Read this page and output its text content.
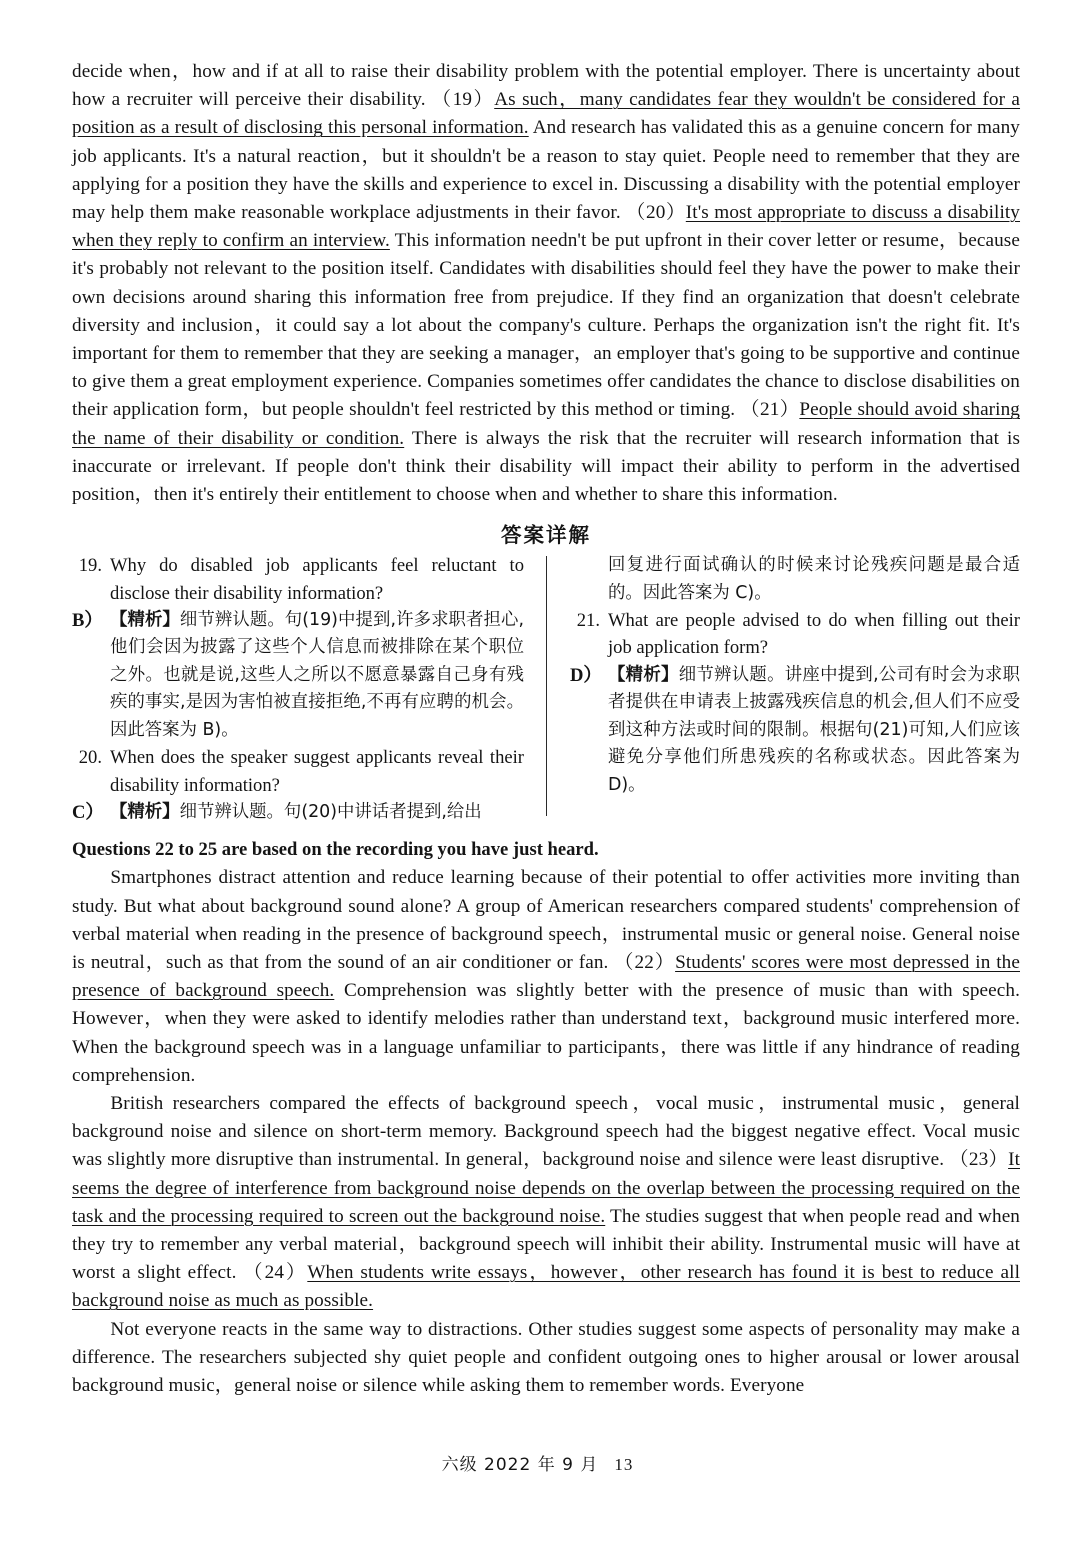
decide when，how and if at all to raise their disability problem with the potential employer. There is uncertainty about how a recruiter will perceive their disability. （19）As such，many candidates fear they wouldn't be considered for a position as a result of disclosing this personal information. And research has validated this as a genuine concern for many job applicants. It's a natural reaction，but it shouldn't be a reason to stay quiet. People need to remember that they are applying for a position they have the skills and experience to excel in. Discussing a disability with the potential employer may help them make reasonable workplace adjustments in their favor. （20）It's most appropriate to discuss a disability when they reply to confirm an interview. This information needn't be put upfront in their cover letter or resume，because it's probably not relevant to the position itself. Candidates with disabilities should feel they have the power to make their own decisions around sharing this information free from prejudice. If they find an organization that doesn't celebrate diversity and inclusion，it could say a lot about the company's culture. Perhaps the organization isn't the right fit. It's important for them to remember that they are seeking a manager，an employer that's going to be supportive and continue to give them a great employment experience. Companies sometimes offer candidates the chance to disclose disabilities on their application form，but people shouldn't feel restricted by this method or timing. （21）People should avoid sharing the name of their disability or condition. There is always the risk that the recruiter will research information that is inaccurate or irrelevant. If people don't think their disability will impact their ability to perform in the advertised position，then it's entirely their entitlement to choose when and whether to share this information.

答案详解
19. Why do disabled job applicants feel reluctant to disclose their disability information?
B） 【精析】细节辨认题。句(19)中提到,许多求职者担心,他们会因为披露了这些个人信息而被排除在某个职位之外。也就是说,这些人之所以不愿意暴露自己身有残疾的事实,是因为害怕被直接拒绝,不再有应聘的机会。因此答案为 B)。
20. When does the speaker suggest applicants reveal their disability information?
C） 【精析】细节辨认题。句(20)中讲话者提到,给出
回复进行面试确认的时候来讨论残疾问题是最合适的。因此答案为 C)。
21. What are people advised to do when filling out their job application form?
D） 【精析】细节辨认题。讲座中提到,公司有时会为求职者提供在申请表上披露残疾信息的机会,但人们不应受到这种方法或时间的限制。根据句(21)可知,人们应该避免分享他们所患残疾的名称或状态。因此答案为 D)。

Questions 22 to 25 are based on the recording you have just heard.

Smartphones distract attention and reduce learning because of their potential to offer activities more inviting than study. But what about background sound alone? A group of American researchers compared students' comprehension of verbal material when reading in the presence of background speech，instrumental music or general noise. General noise is neutral，such as that from the sound of an air conditioner or fan. （22）Students' scores were most depressed in the presence of background speech. Comprehension was slightly better with the presence of music than with speech. However，when they were asked to identify melodies rather than understand text，background music interfered more. When the background speech was in a language unfamiliar to participants，there was little if any hindrance of reading comprehension.

British researchers compared the effects of background speech，vocal music，instrumental music，general background noise and silence on short-term memory. Background speech had the biggest negative effect. Vocal music was slightly more disruptive than instrumental. In general，background noise and silence were least disruptive. （23）It seems the degree of interference from background noise depends on the overlap between the processing required on the task and the processing required to screen out the background noise. The studies suggest that when people read and when they try to remember any verbal material，background speech will inhibit their ability. Instrumental music will have at worst a slight effect. （24）When students write essays，however，other research has found it is best to reduce all background noise as much as possible.

Not everyone reacts in the same way to distractions. Other studies suggest some aspects of personality may make a difference. The researchers subjected shy quiet people and confident outgoing ones to higher arousal or lower arousal background music，general noise or silence while asking them to remember words. Everyone

六级 2022 年 9 月 13
